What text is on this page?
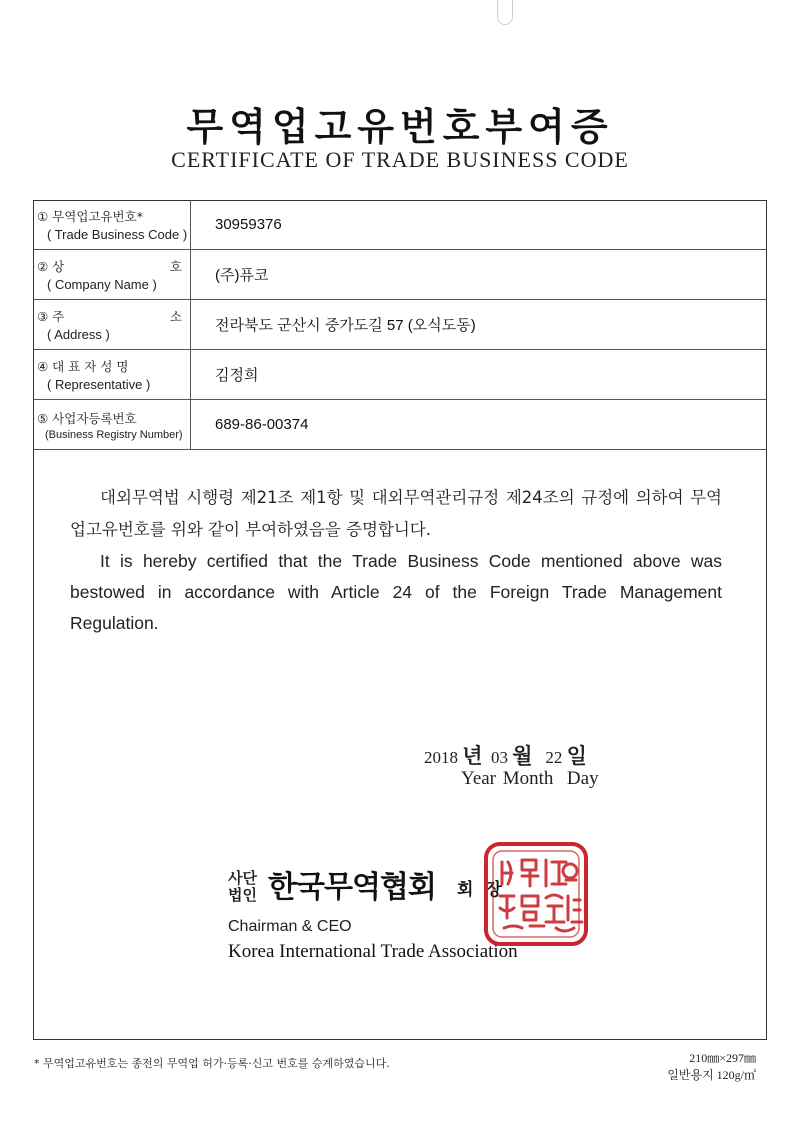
무역업고유번호부여증
CERTIFICATE OF TRADE BUSINESS CODE
① 무역업고유번호*
( Trade Business Code )	30959376

② 상 호
( Company Name )	(주)퓨코

③ 주 소
( Address )	전라북도 군산시 중가도길 57 (오식도동)

④ 대 표 자 성 명
( Representative )	김정희

⑤ 사업자등록번호
(Business Registry Number)	689-86-00374

대외무역법 시행령 제21조 제1항 및 대외무역관리규정 제24조의 규정에 의하여 무역업고유번호를 위와 같이 부여하였음을 증명합니다.

It is hereby certified that the Trade Business Code mentioned above was bestowed in accordance with Article 24 of the Foreign Trade Management Regulation.

2018 년 03 월 22 일
Year Month  Day
사단
법인 한국무역협회 회장
Chairman & CEO
Korea International Trade Association
* 무역업고유번호는 종전의 무역업 허가·등록·신고 번호를 승계하였습니다.	210㎜×297㎜
일반용지 120g/㎡
